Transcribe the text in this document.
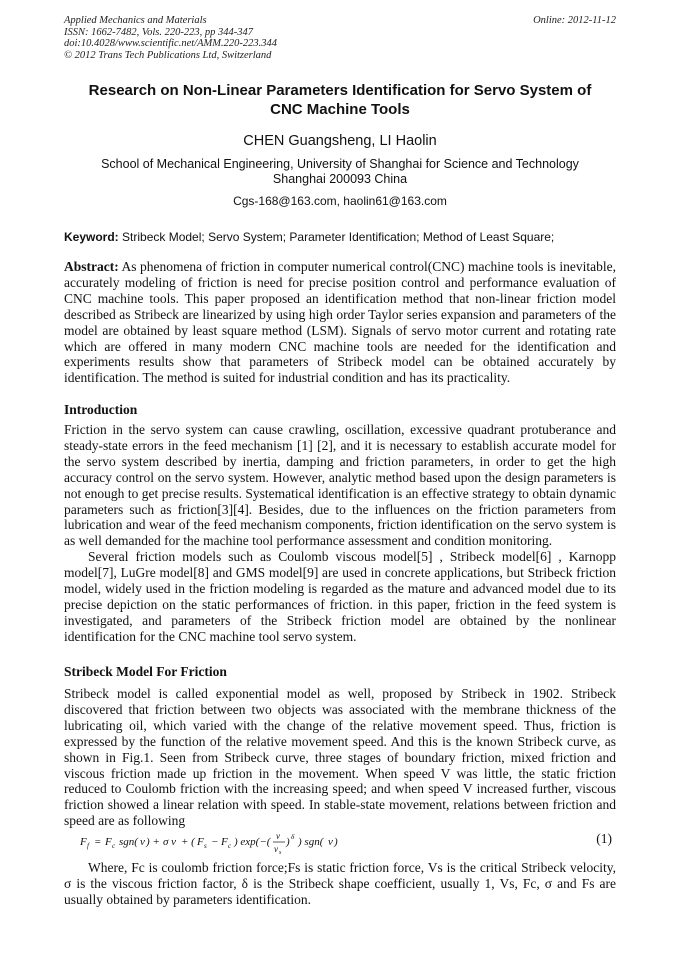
Applied Mechanics and Materials
ISSN: 1662-7482, Vols. 220-223, pp 344-347
doi:10.4028/www.scientific.net/AMM.220-223.344
© 2012 Trans Tech Publications Ltd, Switzerland
Online: 2012-11-12
Research on Non-Linear Parameters Identification for Servo System of
CNC Machine Tools
CHEN Guangsheng, LI Haolin
School of Mechanical Engineering, University of Shanghai for Science and Technology
Shanghai 200093 China
Cgs-168@163.com, haolin61@163.com
Keyword: Stribeck Model; Servo System; Parameter Identification; Method of Least Square;

Abstract: As phenomena of friction in computer numerical control(CNC) machine tools is inevitable, accurately modeling of friction is need for precise position control and performance evaluation of CNC machine tools. This paper proposed an identification method that non-linear friction model described as Stribeck are linearized by using high order Taylor series expansion and parameters of the model are obtained by least square method (LSM). Signals of servo motor current and rotating rate which are offered in many modern CNC machine tools are needed for the identification and experiments results show that parameters of Stribeck model can be obtained accurately by identification. The method is suited for industrial condition and has its practicality.

Introduction

Friction in the servo system can cause crawling, oscillation, excessive quadrant protuberance and steady-state errors in the feed mechanism [1] [2], and it is necessary to establish accurate model for the servo system described by inertia, damping and friction parameters, in order to get the high accuracy control on the servo system. However, analytic method based upon the design parameters is not enough to get precise results. Systematical identification is an effective strategy to obtain dynamic parameters such as friction[3][4]. Besides, due to the influences on the friction parameters from lubrication and wear of the feed mechanism components, friction identification on the servo system is as well demanded for the machine tool performance assessment and condition monitoring.

Several friction models such as Coulomb viscous model[5] , Stribeck model[6] , Karnopp model[7], LuGre model[8] and GMS model[9] are used in concrete applications, but Stribeck friction model, widely used in the friction modeling is regarded as the mature and advanced model due to its precise depiction on the static performances of friction. in this paper, friction in the feed system is investigated, and parameters of the Stribeck friction model are obtained by the nonlinear identification for the CNC machine tool servo system.

Stribeck Model For Friction

Stribeck model is called exponential model as well, proposed by Stribeck in 1902. Stribeck discovered that friction between two objects was associated with the membrane thickness of the lubricating oil, which varied with the change of the relative movement speed. Thus, friction is expressed by the function of the relative movement speed. And this is the known Stribeck curve, as shown in Fig.1. Seen from Stribeck curve, three stages of boundary friction, mixed friction and viscous friction made up friction in the movement. When speed V was little, the static friction reduced to Coulomb friction with the increasing speed; and when speed V increased further, viscous friction showed a linear relation with speed. In stable-state movement, relations between friction and speed are as following

F f = F c sgn( v ) + σ v + ( F s − F c ) exp(−( v
v s
) δ ) sgn( v )	(1)

Where, Fc is coulomb friction force;Fs is static friction force, Vs is the critical Stribeck velocity, σ is the viscous friction factor, δ is the Stribeck shape coefficient, usually 1, Vs, Fc, σ and Fs are usually obtained by parameters identification.
